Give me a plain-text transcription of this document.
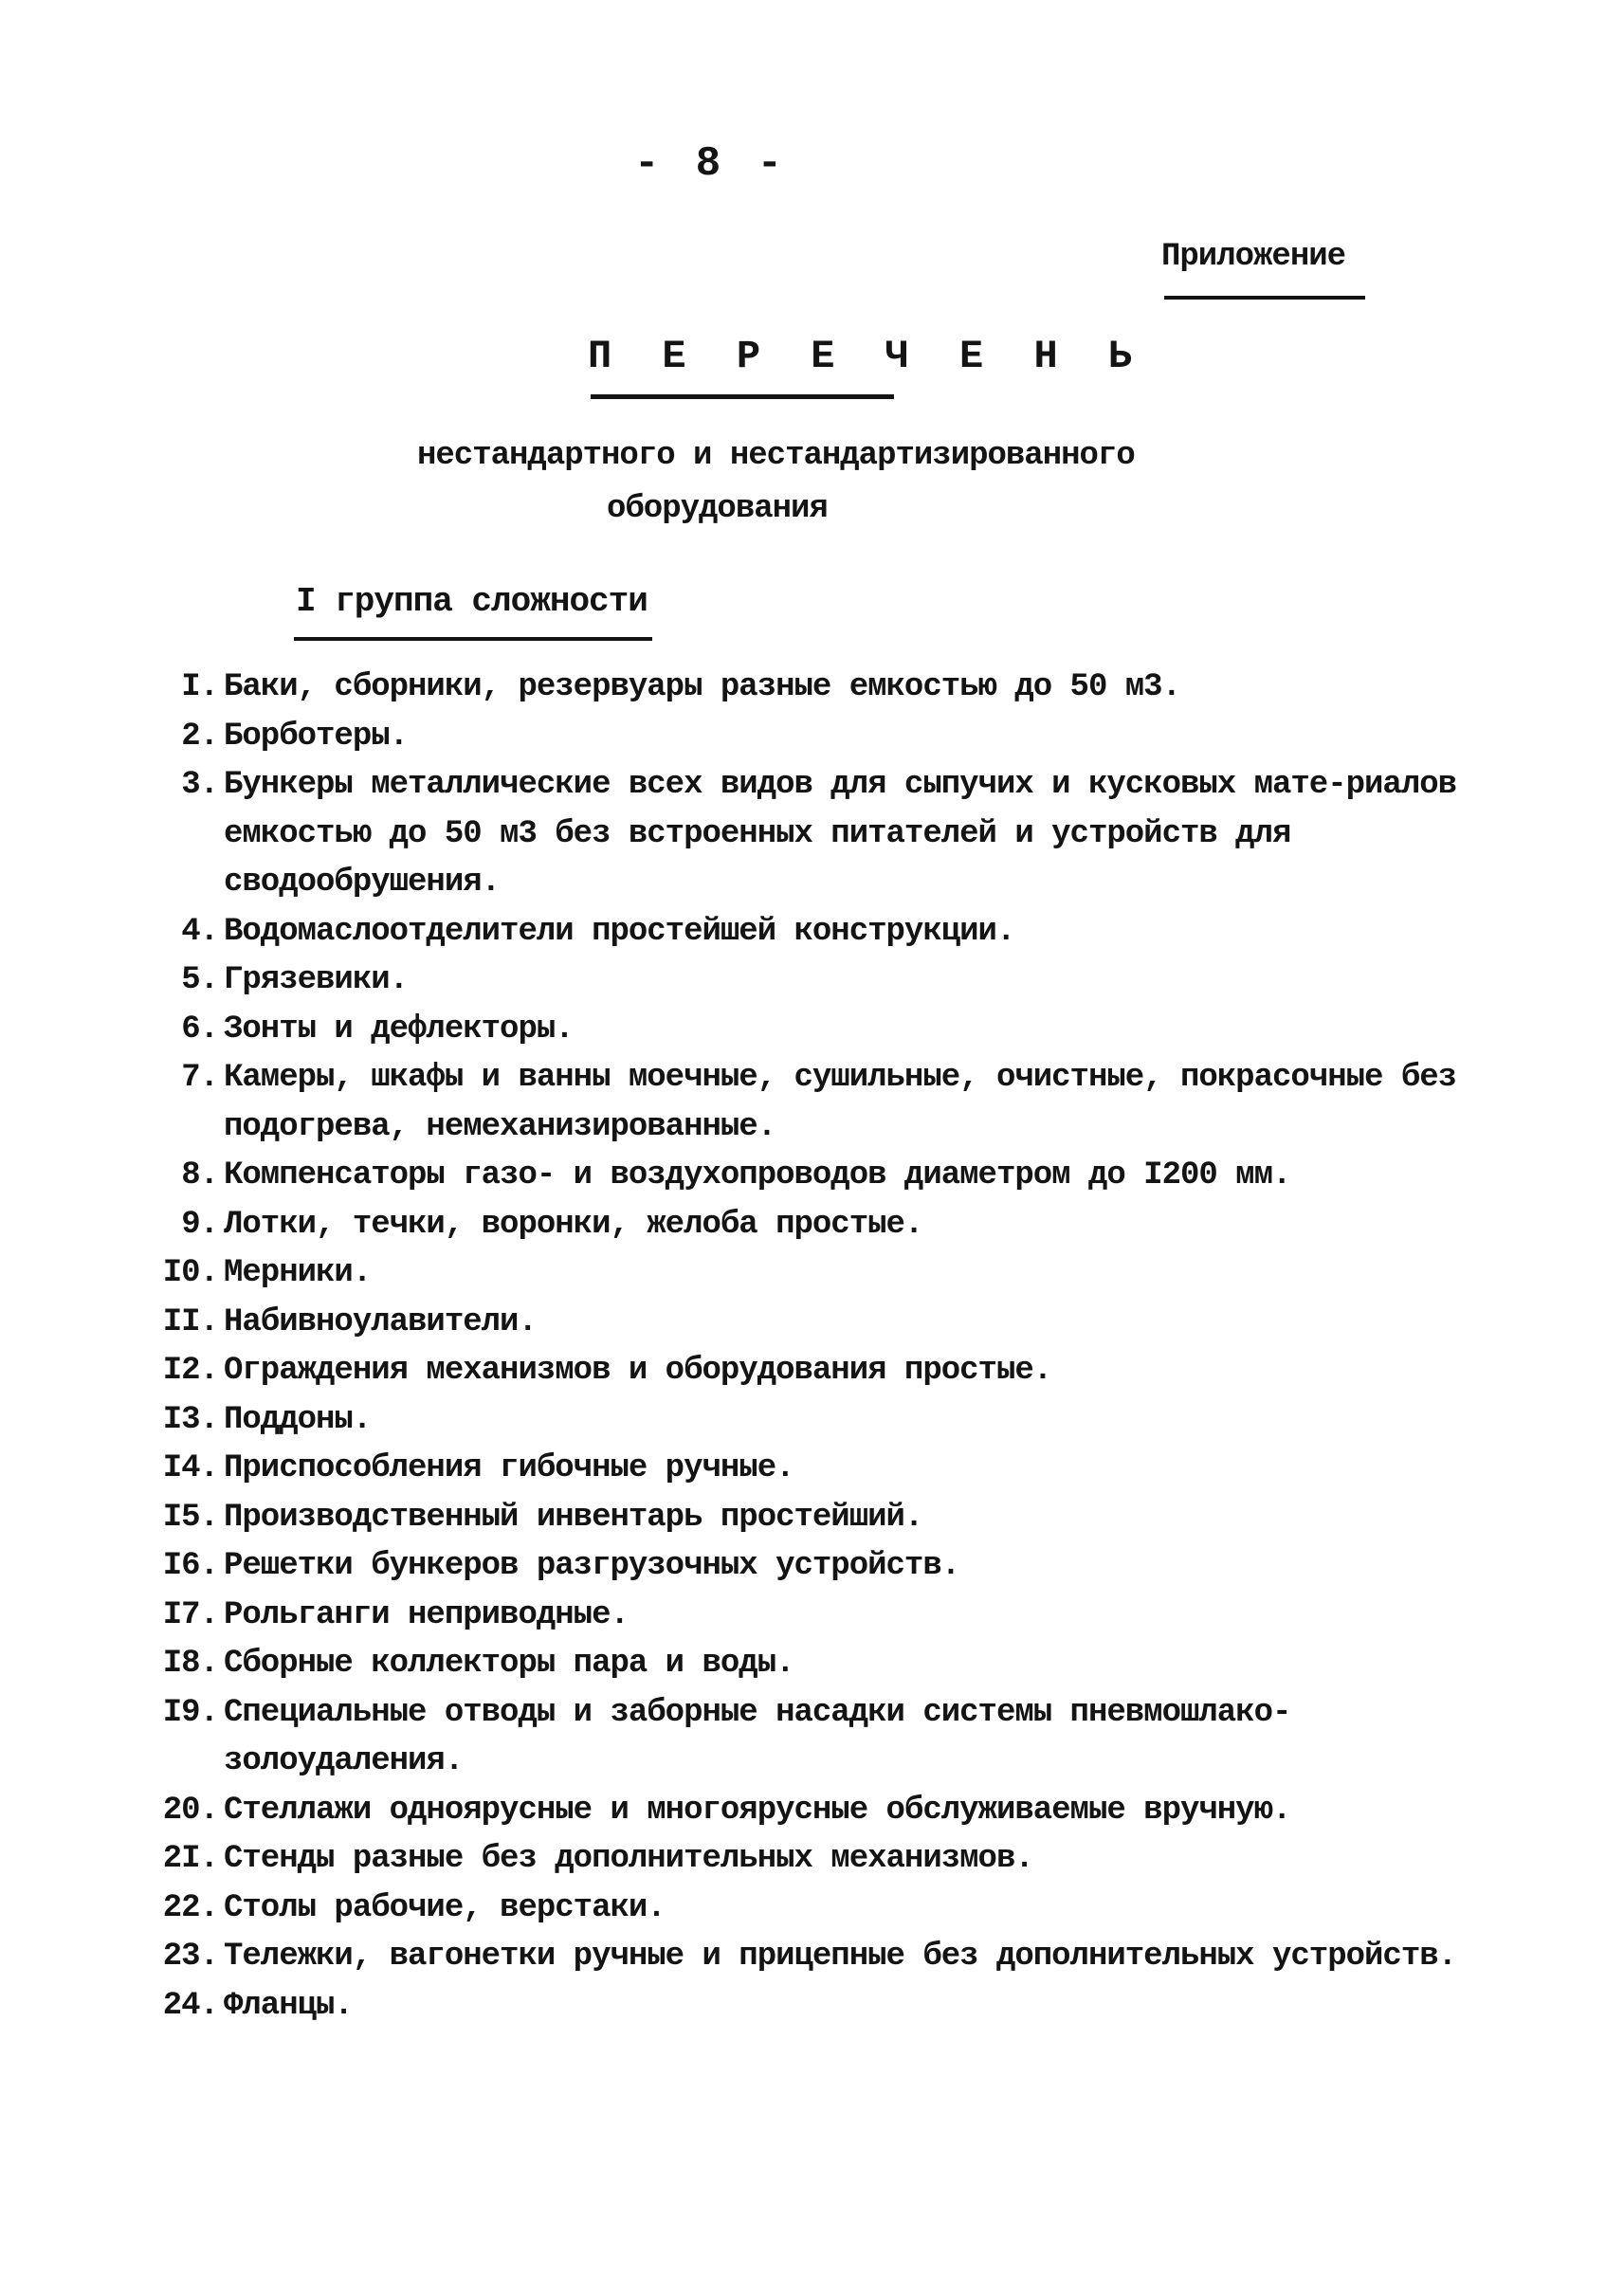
- 8 -
Приложение
П Е Р Е Ч Е Н Ь
нестандартного и нестандартизированного
оборудования
I группа сложности
I. Баки, сборники, резервуары разные емкостью до 50 м3.
2. Борботеры.
3. Бункеры металлические всех видов для сыпучих и кусковых мате-риалов емкостью до 50 м3 без встроенных питателей и устройств для сводообрушения.
4. Водомаслоотделители простейшей конструкции.
5. Грязевики.
6. Зонты и дефлекторы.
7. Камеры, шкафы и ванны моечные, сушильные, очистные, покрасочные без подогрева, немеханизированные.
8. Компенсаторы газо- и воздухопроводов диаметром до I200 мм.
9. Лотки, течки, воронки, желоба простые.
I0. Мерники.
II. Набивноулавители.
I2. Ограждения механизмов и оборудования простые.
I3. Поддоны.
I4. Приспособления гибочные ручные.
I5. Производственный инвентарь простейший.
I6. Решетки бункеров разгрузочных устройств.
I7. Рольганги неприводные.
I8. Сборные коллекторы пара и воды.
I9. Специальные отводы и заборные насадки системы пневмошлако-золоудаления.
20. Стеллажи одноярусные и многоярусные обслуживаемые вручную.
2I. Стенды разные без дополнительных механизмов.
22. Столы рабочие, верстаки.
23. Тележки, вагонетки ручные и прицепные без дополнительных устройств.
24. Фланцы.
